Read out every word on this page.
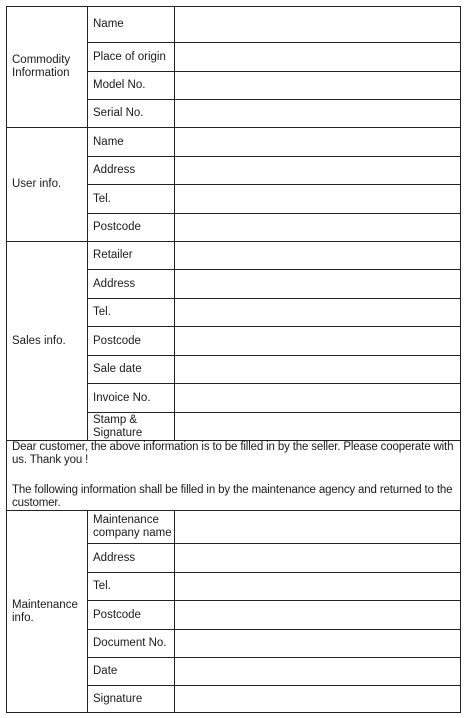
Commodity Information	Name	
	Place of origin	
	Model No.	
	Serial No.	
User info.	Name	
	Address	
	Tel.	
	Postcode	
Sales info.	Retailer	
	Address	
	Tel.	
	Postcode	
	Sale date	
	Invoice No.	

	Stamp & Signature	

Dear customer, the above information is to be filled in by the seller. Please cooperate with us. Thank you !
The following information shall be filled in by the maintenance agency and returned to the customer.		

Maintenance info.	Maintenance company name	

	Address	
	Tel.	
	Postcode	
	Document No.	
	Date	
	Signature	
